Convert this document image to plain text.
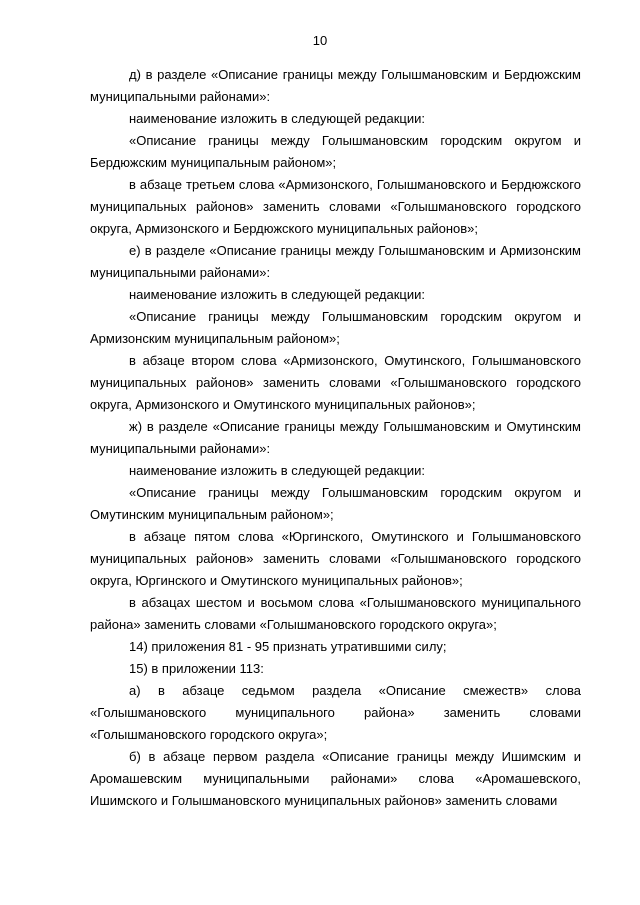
10

д) в разделе «Описание границы между Голышмановским и Бердюжским муниципальными районами»:

наименование изложить в следующей редакции:

«Описание границы между Голышмановским городским округом и Бердюжским муниципальным районом»;

в абзаце третьем слова «Армизонского, Голышмановского и Бердюжского муниципальных районов» заменить словами «Голышмановского городского округа, Армизонского и Бердюжского муниципальных районов»;

е) в разделе «Описание границы между Голышмановским и Армизонским муниципальными районами»:

наименование изложить в следующей редакции:

«Описание границы между Голышмановским городским округом и Армизонским муниципальным районом»;

в абзаце втором слова «Армизонского, Омутинского, Голышмановского муниципальных районов» заменить словами «Голышмановского городского округа, Армизонского и Омутинского муниципальных районов»;

ж) в разделе «Описание границы между Голышмановским и Омутинским муниципальными районами»:

наименование изложить в следующей редакции:

«Описание границы между Голышмановским городским округом и Омутинским муниципальным районом»;

в абзаце пятом слова «Юргинского, Омутинского и Голышмановского муниципальных районов» заменить словами «Голышмановского городского округа, Юргинского и Омутинского муниципальных районов»;

в абзацах шестом и восьмом слова «Голышмановского муниципального района» заменить словами «Голышмановского городского округа»;

14) приложения 81 - 95 признать утратившими силу;

15) в приложении 113:

а) в абзаце седьмом раздела «Описание смежеств» слова «Голышмановского муниципального района» заменить словами «Голышмановского городского округа»;

б) в абзаце первом раздела «Описание границы между Ишимским и Аромашевским муниципальными районами» слова «Аромашевского, Ишимского и Голышмановского муниципальных районов» заменить словами
